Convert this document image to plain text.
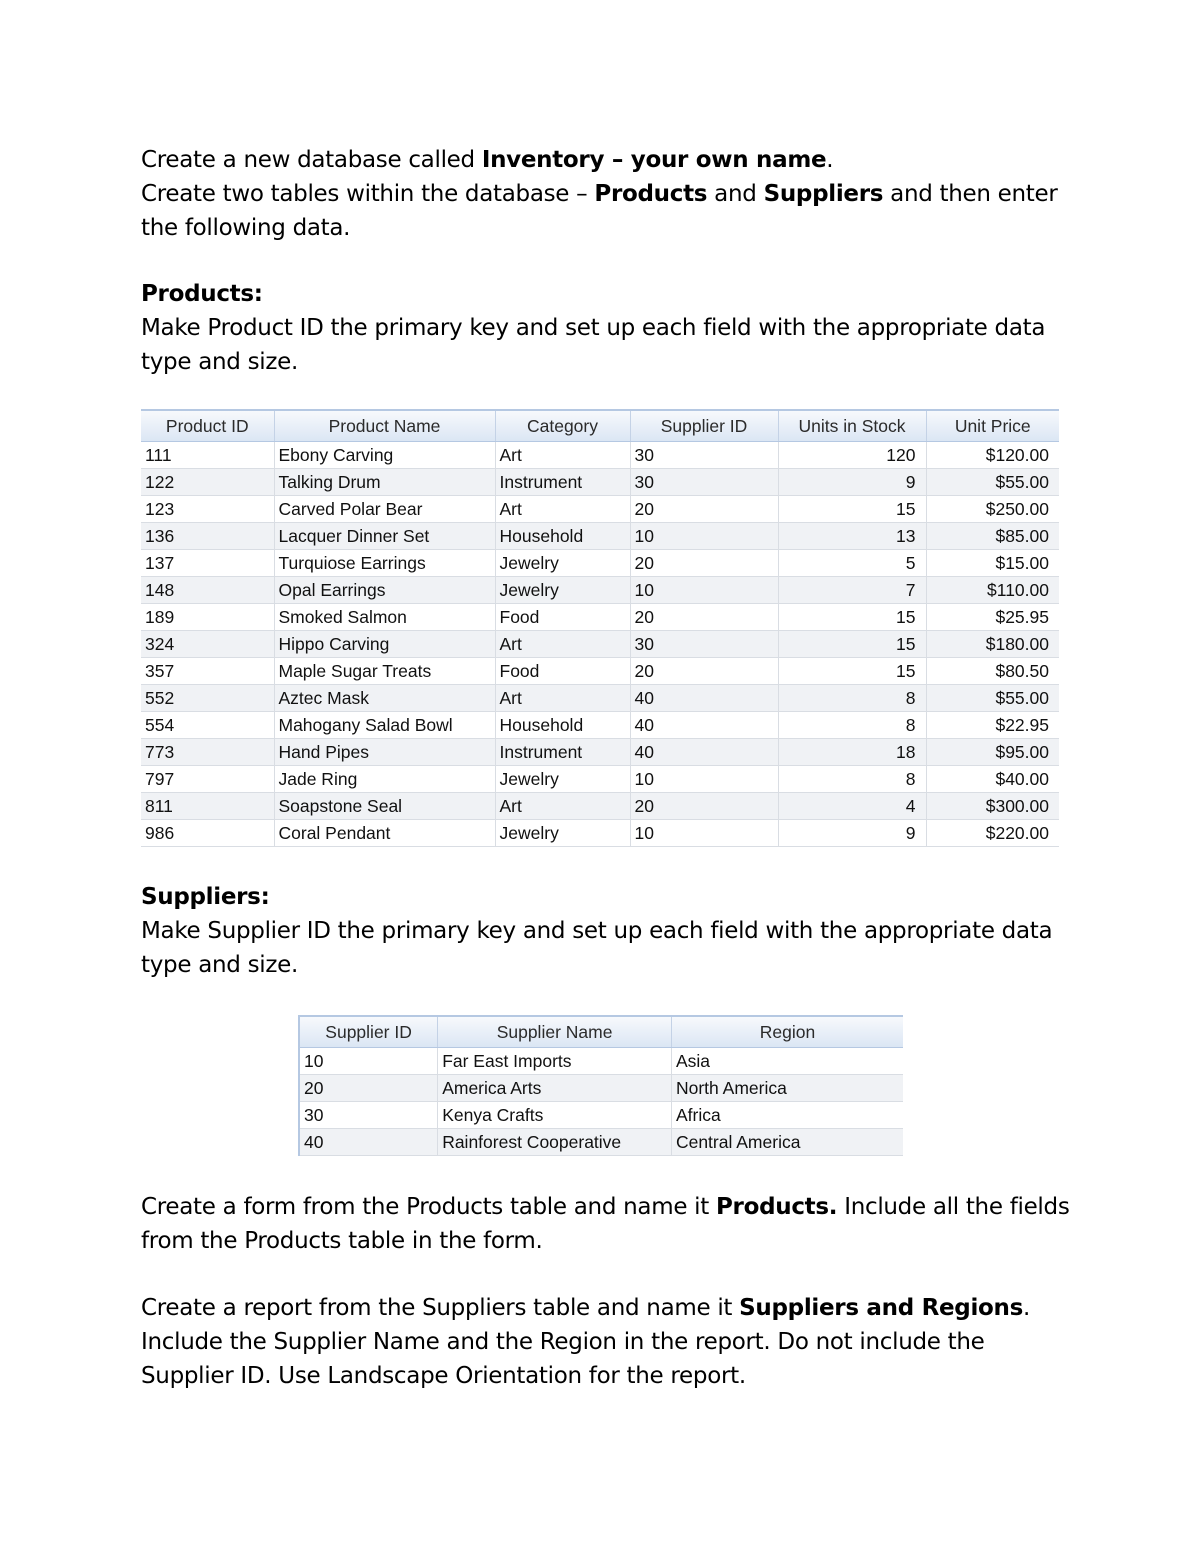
Create a new database called Inventory – your own name.
Create two tables within the database – Products and Suppliers and then enter the following data.
Products:
Make Product ID the primary key and set up each field with the appropriate data type and size.
Product ID	Product Name	Category	Supplier ID	Units in Stock	Unit Price
111	Ebony Carving	Art	30	120	$120.00
122	Talking Drum	Instrument	30	9	$55.00
123	Carved Polar Bear	Art	20	15	$250.00
136	Lacquer Dinner Set	Household	10	13	$85.00
137	Turquiose Earrings	Jewelry	20	5	$15.00
148	Opal Earrings	Jewelry	10	7	$110.00
189	Smoked Salmon	Food	20	15	$25.95
324	Hippo Carving	Art	30	15	$180.00
357	Maple Sugar Treats	Food	20	15	$80.50
552	Aztec Mask	Art	40	8	$55.00
554	Mahogany Salad Bowl	Household	40	8	$22.95
773	Hand Pipes	Instrument	40	18	$95.00
797	Jade Ring	Jewelry	10	8	$40.00
811	Soapstone Seal	Art	20	4	$300.00
986	Coral Pendant	Jewelry	10	9	$220.00
Suppliers:
Make Supplier ID the primary key and set up each field with the appropriate data type and size.
Supplier ID	Supplier Name	Region
10	Far East Imports	Asia
20	America Arts	North America
30	Kenya Crafts	Africa
40	Rainforest Cooperative	Central America
Create a form from the Products table and name it Products. Include all the fields from the Products table in the form.
Create a report from the Suppliers table and name it Suppliers and Regions. Include the Supplier Name and the Region in the report. Do not include the Supplier ID. Use Landscape Orientation for the report.
